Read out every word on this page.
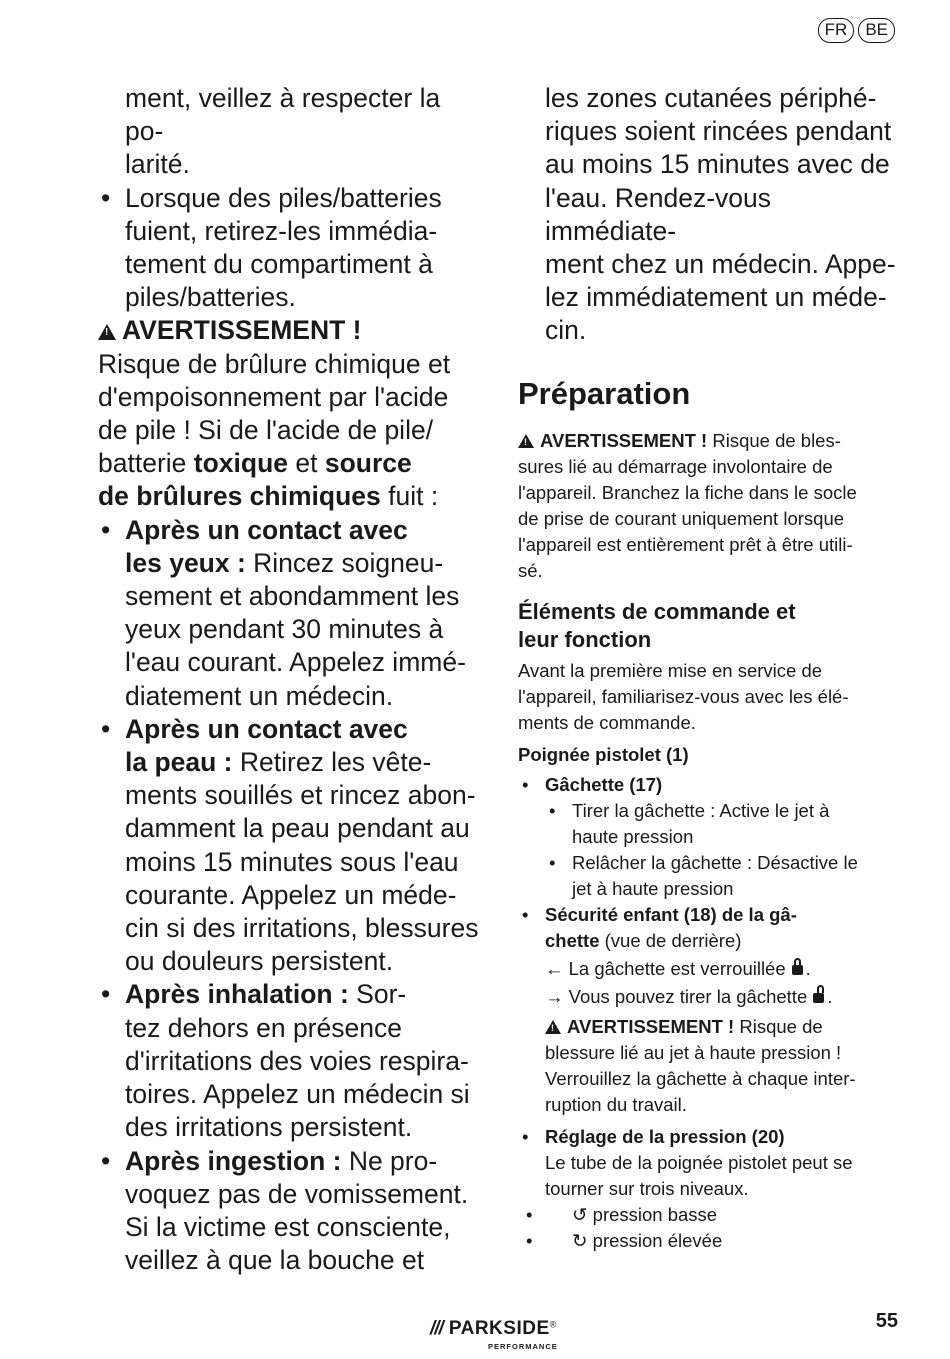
FR	BE
ment, veillez à respecter la po-
larité.
• Lorsque des piles/batteries
fuient, retirez-les immédia-
tement du compartiment à
piles/batteries.
!AVERTISSEMENT !
Risque de brûlure chimique et
d'empoisonnement par l'acide
de pile ! Si de l'acide de pile/
batterie toxique et source
de brûlures chimiques fuit :
• Après un contact avec
les yeux : Rincez soigneu-
sement et abondamment les
yeux pendant 30 minutes à
l'eau courant. Appelez immé-
diatement un médecin.
• Après un contact avec
la peau : Retirez les vête-
ments souillés et rincez abon-
damment la peau pendant au
moins 15 minutes sous l'eau
courante. Appelez un méde-
cin si des irritations, blessures
ou douleurs persistent.
• Après inhalation : Sor-
tez dehors en présence
d'irritations des voies respira-
toires. Appelez un médecin si
des irritations persistent.
• Après ingestion : Ne pro-
voquez pas de vomissement.
Si la victime est consciente,
veillez à que la bouche et
les zones cutanées périphé-
riques soient rincées pendant
au moins 15 minutes avec de
l'eau. Rendez-vous immédiate-
ment chez un médecin. Appe-
lez immédiatement un méde-
cin.
Préparation
!AVERTISSEMENT ! Risque de bles-
sures lié au démarrage involontaire de
l'appareil. Branchez la fiche dans le socle
de prise de courant uniquement lorsque
l'appareil est entièrement prêt à être utili-
sé.
Éléments de commande et
leur fonction
Avant la première mise en service de
l'appareil, familiarisez-vous avec les élé-
ments de commande.
Poignée pistolet (1)
• Gâchette (17)
• Tirer la gâchette : Active le jet à
haute pression
• Relâcher la gâchette : Désactive le
jet à haute pression
• Sécurité enfant (18) de la gâ-
chette (vue de derrière)
← La gâchette est verrouillée .
→ Vous pouvez tirer la gâchette .
!AVERTISSEMENT ! Risque de
blessure lié au jet à haute pression !
Verrouillez la gâchette à chaque inter-
ruption du travail.
• Réglage de la pression (20)
Le tube de la poignée pistolet peut se
tourner sur trois niveaux.
• ↺ pression basse
• ↻ pression élevée
/// PARKSIDE®
PERFORMANCE
55
